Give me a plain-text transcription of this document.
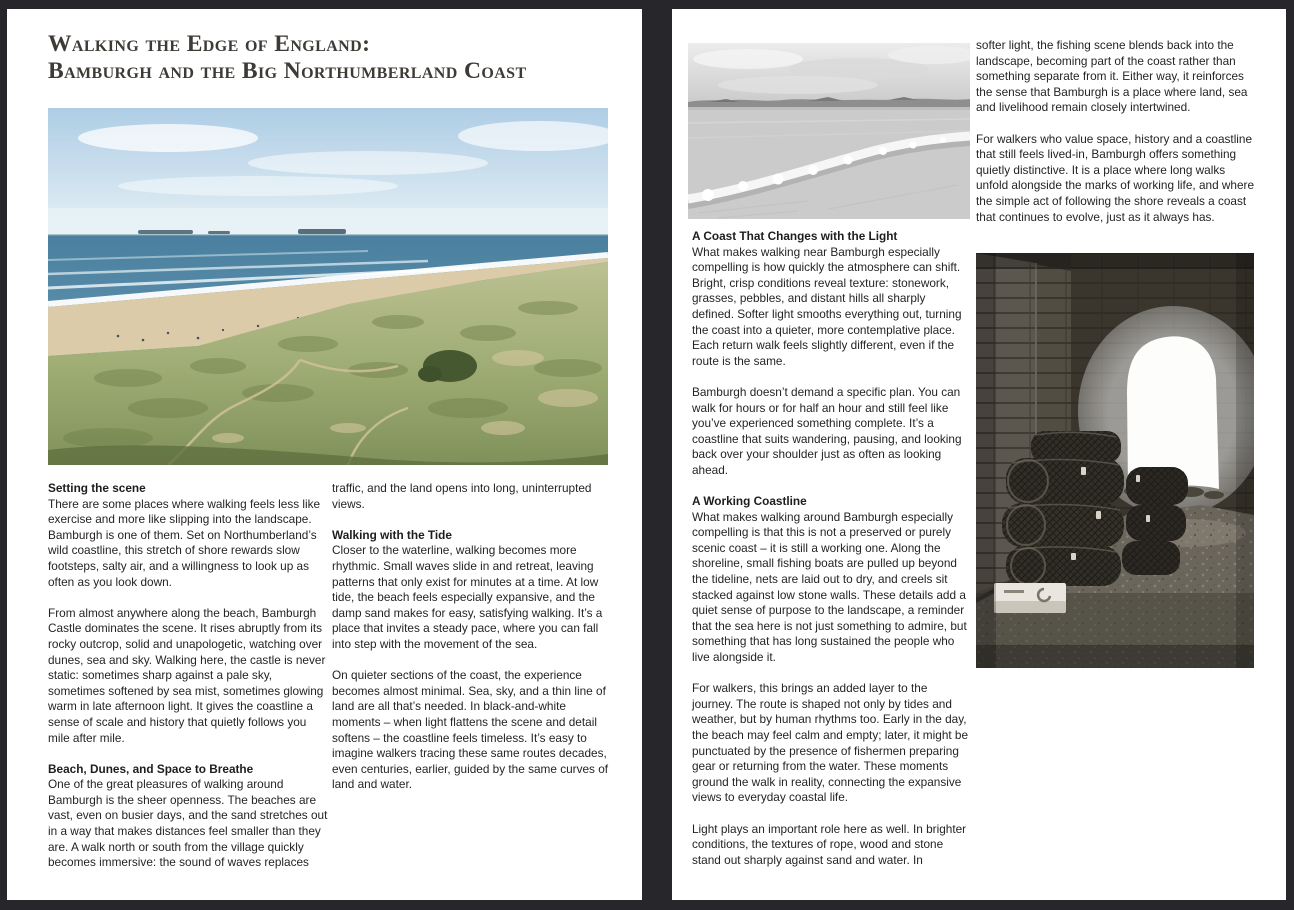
Walking the Edge of England:
Bamburgh and the Big Northumberland Coast
Setting the scene

There are some places where walking feels less like exercise and more like slipping into the landscape. Bamburgh is one of them. Set on Northumberland’s wild coastline, this stretch of shore rewards slow footsteps, salty air, and a willingness to look up as often as you look down.

From almost anywhere along the beach, Bamburgh Castle dominates the scene. It rises abruptly from its rocky outcrop, solid and unapologetic, watching over dunes, sea and sky. Walking here, the castle is never static: sometimes sharp against a pale sky, sometimes softened by sea mist, sometimes glowing warm in late afternoon light. It gives the coastline a sense of scale and history that quietly follows you mile after mile.

Beach, Dunes, and Space to Breathe

One of the great pleasures of walking around Bamburgh is the sheer openness. The beaches are vast, even on busier days, and the sand stretches out in a way that makes distances feel smaller than they are. A walk north or south from the village quickly becomes immersive: the sound of waves replaces

traffic, and the land opens into long, uninterrupted views.

Walking with the Tide

Closer to the waterline, walking becomes more rhythmic. Small waves slide in and retreat, leaving patterns that only exist for minutes at a time. At low tide, the beach feels especially expansive, and the damp sand makes for easy, satisfying walking. It’s a place that invites a steady pace, where you can fall into step with the movement of the sea.

On quieter sections of the coast, the experience becomes almost minimal. Sea, sky, and a thin line of land are all that’s needed. In black-and-white moments – when light flattens the scene and detail softens – the coastline feels timeless. It’s easy to imagine walkers tracing these same routes decades, even centuries, earlier, guided by the same curves of land and water.

A Coast That Changes with the Light

What makes walking near Bamburgh especially compelling is how quickly the atmosphere can shift. Bright, crisp conditions reveal texture: stonework, grasses, pebbles, and distant hills all sharply defined. Softer light smooths everything out, turning the coast into a quieter, more contemplative place. Each return walk feels slightly different, even if the route is the same.

Bamburgh doesn’t demand a specific plan. You can walk for hours or for half an hour and still feel like you’ve experienced something complete. It’s a coastline that suits wandering, pausing, and looking back over your shoulder just as often as looking ahead.

A Working Coastline

What makes walking around Bamburgh especially compelling is that this is not a preserved or purely scenic coast – it is still a working one. Along the shoreline, small fishing boats are pulled up beyond the tideline, nets are laid out to dry, and creels sit stacked against low stone walls. These details add a quiet sense of purpose to the landscape, a reminder that the sea here is not just something to admire, but something that has long sustained the people who live alongside it.

For walkers, this brings an added layer to the journey. The route is shaped not only by tides and weather, but by human rhythms too. Early in the day, the beach may feel calm and empty; later, it might be punctuated by the presence of fishermen preparing gear or returning from the water. These moments ground the walk in reality, connecting the expansive views to everyday coastal life.

Light plays an important role here as well. In brighter conditions, the textures of rope, wood and stone stand out sharply against sand and water. In

softer light, the fishing scene blends back into the landscape, becoming part of the coast rather than something separate from it. Either way, it reinforces the sense that Bamburgh is a place where land, sea and livelihood remain closely intertwined.

For walkers who value space, history and a coastline that still feels lived-in, Bamburgh offers something quietly distinctive. It is a place where long walks unfold alongside the marks of working life, and where the simple act of following the shore reveals a coast that continues to evolve, just as it always has.
